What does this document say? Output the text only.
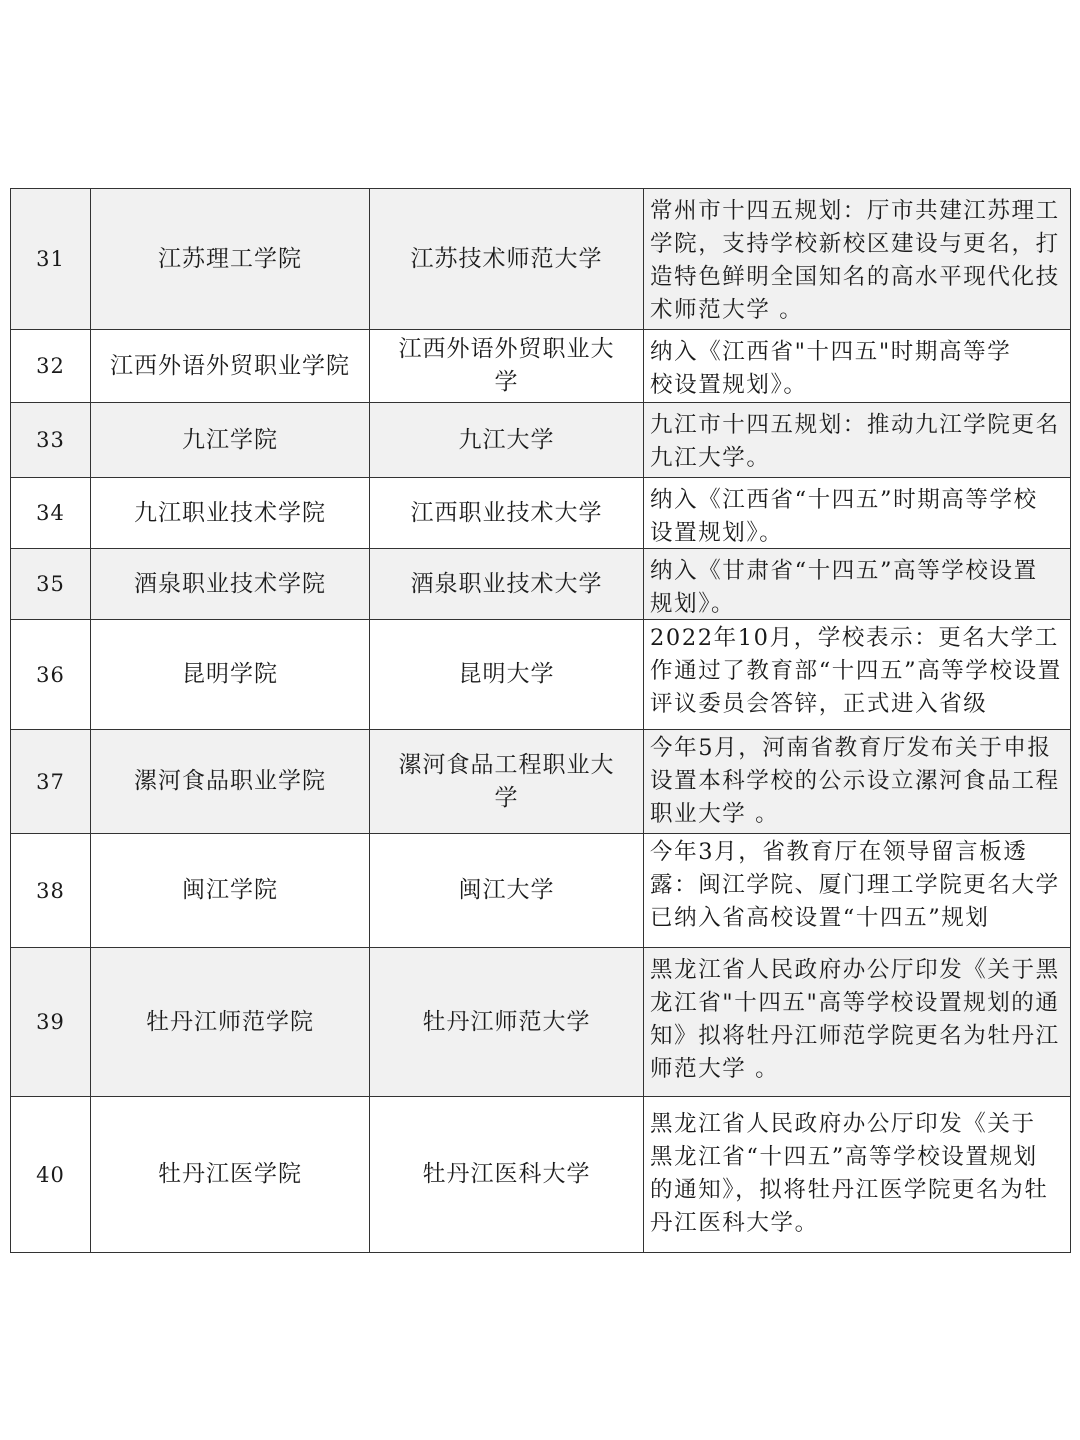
31	江苏理工学院	江苏技术师范大学	常州市十四五规划：厅市共建江苏理工学院，支持学校新校区建设与更名，打造特色鲜明全国知名的高水平现代化技术师范大学 。

32	江西外语外贸职业学院	江西外语外贸职业大学	纳入《江西省"十四五"时期高等学校设置规划》。

33	九江学院	九江大学	九江市十四五规划：推动九江学院更名九江大学。

34	九江职业技术学院	江西职业技术大学	纳入《江西省“十四五”时期高等学校设置规划》。

35	酒泉职业技术学院	酒泉职业技术大学	纳入《甘肃省“十四五”高等学校设置规划》。

36	昆明学院	昆明大学	2022年10月，学校表示：更名大学工作通过了教育部“十四五”高等学校设置评议委员会答锌，正式进入省级

37	漯河食品职业学院	漯河食品工程职业大学	今年5月，河南省教育厅发布关于申报设置本科学校的公示设立漯河食品工程职业大学 。

38	闽江学院	闽江大学	今年3月，省教育厅在领导留言板透露：闽江学院、厦门理工学院更名大学已纳入省高校设置“十四五”规划

39	牡丹江师范学院	牡丹江师范大学	黑龙江省人民政府办公厅印发《关于黑龙江省"十四五"高等学校设置规划的通知》拟将牡丹江师范学院更名为牡丹江师范大学 。

40	牡丹江医学院	牡丹江医科大学	黑龙江省人民政府办公厅印发《关于黑龙江省“十四五”高等学校设置规划的通知》，拟将牡丹江医学院更名为牡丹江医科大学。
